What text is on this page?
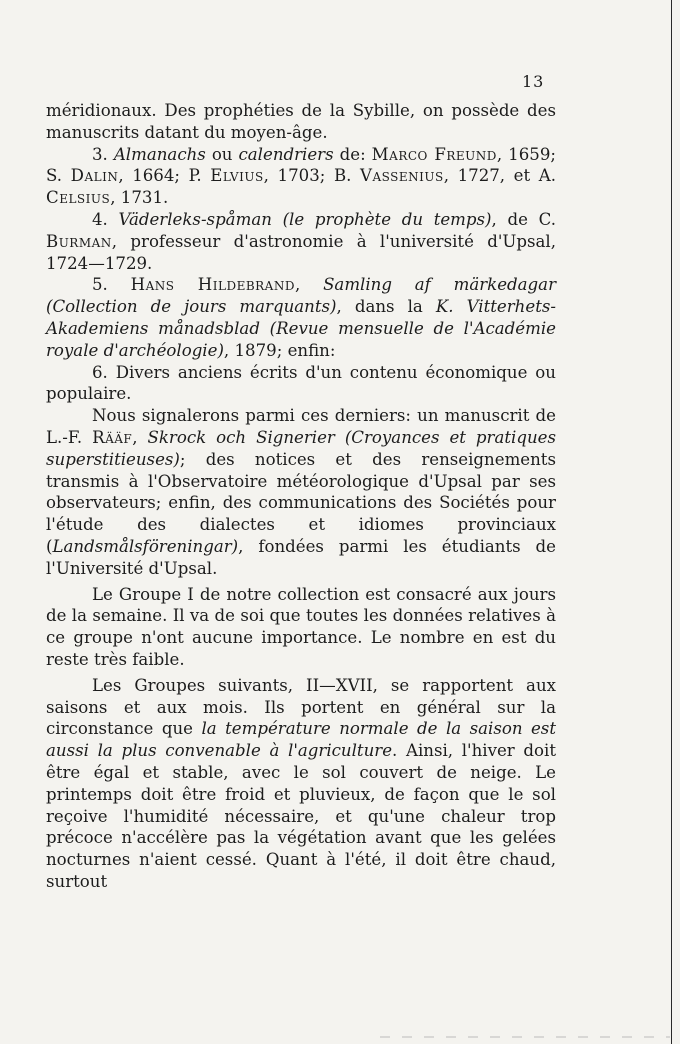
13

méridionaux. Des prophéties de la Sybille, on possède des manuscrits datant du moyen-âge.

3. Almanachs ou calendriers de: Marco Freund, 1659; S. Dalin, 1664; P. Elvius, 1703; B. Vassenius, 1727, et A. Celsius, 1731.

4. Väderleks-spåman (le prophète du temps), de C. Burman, professeur d'astronomie à l'université d'Upsal, 1724—1729.

5. Hans Hildebrand, Samling af märkedagar (Collection de jours marquants), dans la K. Vitterhets-Akademiens månadsblad (Revue mensuelle de l'Académie royale d'archéologie), 1879; enfin:

6. Divers anciens écrits d'un contenu économique ou populaire.

Nous signalerons parmi ces derniers: un manuscrit de L.-F. Rääf, Skrock och Signerier (Croyances et pratiques superstitieuses); des notices et des renseignements transmis à l'Observatoire météorologique d'Upsal par ses observateurs; enfin, des communications des Sociétés pour l'étude des dialectes et idiomes provinciaux (Landsmålsföreningar), fondées parmi les étudiants de l'Université d'Upsal.

Le Groupe I de notre collection est consacré aux jours de la semaine. Il va de soi que toutes les données relatives à ce groupe n'ont aucune importance. Le nombre en est du reste très faible.

Les Groupes suivants, II—XVII, se rapportent aux saisons et aux mois. Ils portent en général sur la circonstance que la température normale de la saison est aussi la plus convenable à l'agriculture. Ainsi, l'hiver doit être égal et stable, avec le sol couvert de neige. Le printemps doit être froid et pluvieux, de façon que le sol reçoive l'humidité nécessaire, et qu'une chaleur trop précoce n'accélère pas la végétation avant que les gelées nocturnes n'aient cessé. Quant à l'été, il doit être chaud, surtout
